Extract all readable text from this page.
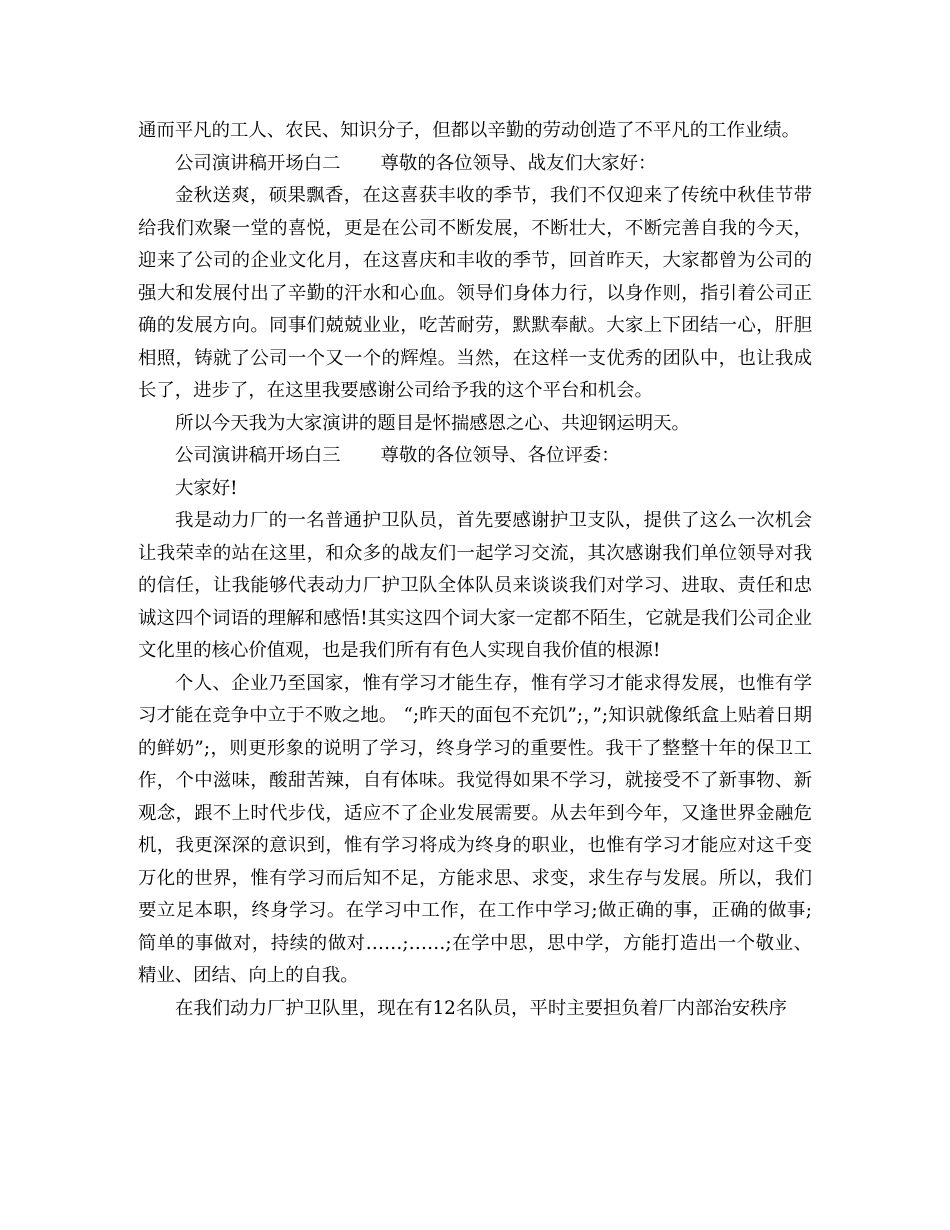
通而平凡的工人、农民、知识分子，但都以辛勤的劳动创造了不平凡的工作业绩。

公司演讲稿开场白二 尊敬的各位领导、战友们大家好：

金秋送爽，硕果飘香，在这喜获丰收的季节，我们不仅迎来了传统中秋佳节带给我们欢聚一堂的喜悦，更是在公司不断发展，不断壮大，不断完善自我的今天，迎来了公司的企业文化月，在这喜庆和丰收的季节，回首昨天，大家都曾为公司的强大和发展付出了辛勤的汗水和心血。领导们身体力行，以身作则，指引着公司正确的发展方向。同事们兢兢业业，吃苦耐劳，默默奉献。大家上下团结一心，肝胆相照，铸就了公司一个又一个的辉煌。当然，在这样一支优秀的团队中，也让我成长了，进步了，在这里我要感谢公司给予我的这个平台和机会。

所以今天我为大家演讲的题目是怀揣感恩之心、共迎钢运明天。

公司演讲稿开场白三 尊敬的各位领导、各位评委：

大家好!

我是动力厂的一名普通护卫队员，首先要感谢护卫支队，提供了这么一次机会让我荣幸的站在这里，和众多的战友们一起学习交流，其次感谢我们单位领导对我的信任，让我能够代表动力厂护卫队全体队员来谈谈我们对学习、进取、责任和忠诚这四个词语的理解和感悟!其实这四个词大家一定都不陌生，它就是我们公司企业文化里的核心价值观，也是我们所有有色人实现自我价值的根源!

个人、企业乃至国家，惟有学习才能生存，惟有学习才能求得发展，也惟有学习才能在竞争中立于不败之地。 “;昨天的面包不充饥”;，”;知识就像纸盒上贴着日期的鲜奶”;，则更形象的说明了学习，终身学习的重要性。我干了整整十年的保卫工作，个中滋味，酸甜苦辣，自有体味。我觉得如果不学习，就接受不了新事物、新观念，跟不上时代步伐，适应不了企业发展需要。从去年到今年，又逢世界金融危机，我更深深的意识到，惟有学习将成为终身的职业，也惟有学习才能应对这千变万化的世界，惟有学习而后知不足，方能求思、求变，求生存与发展。所以，我们要立足本职，终身学习。在学习中工作，在工作中学习;做正确的事，正确的做事;简单的事做对，持续的做对……;……;在学中思，思中学，方能打造出一个敬业、精业、团结、向上的自我。

在我们动力厂护卫队里，现在有12名队员，平时主要担负着厂内部治安秩序
